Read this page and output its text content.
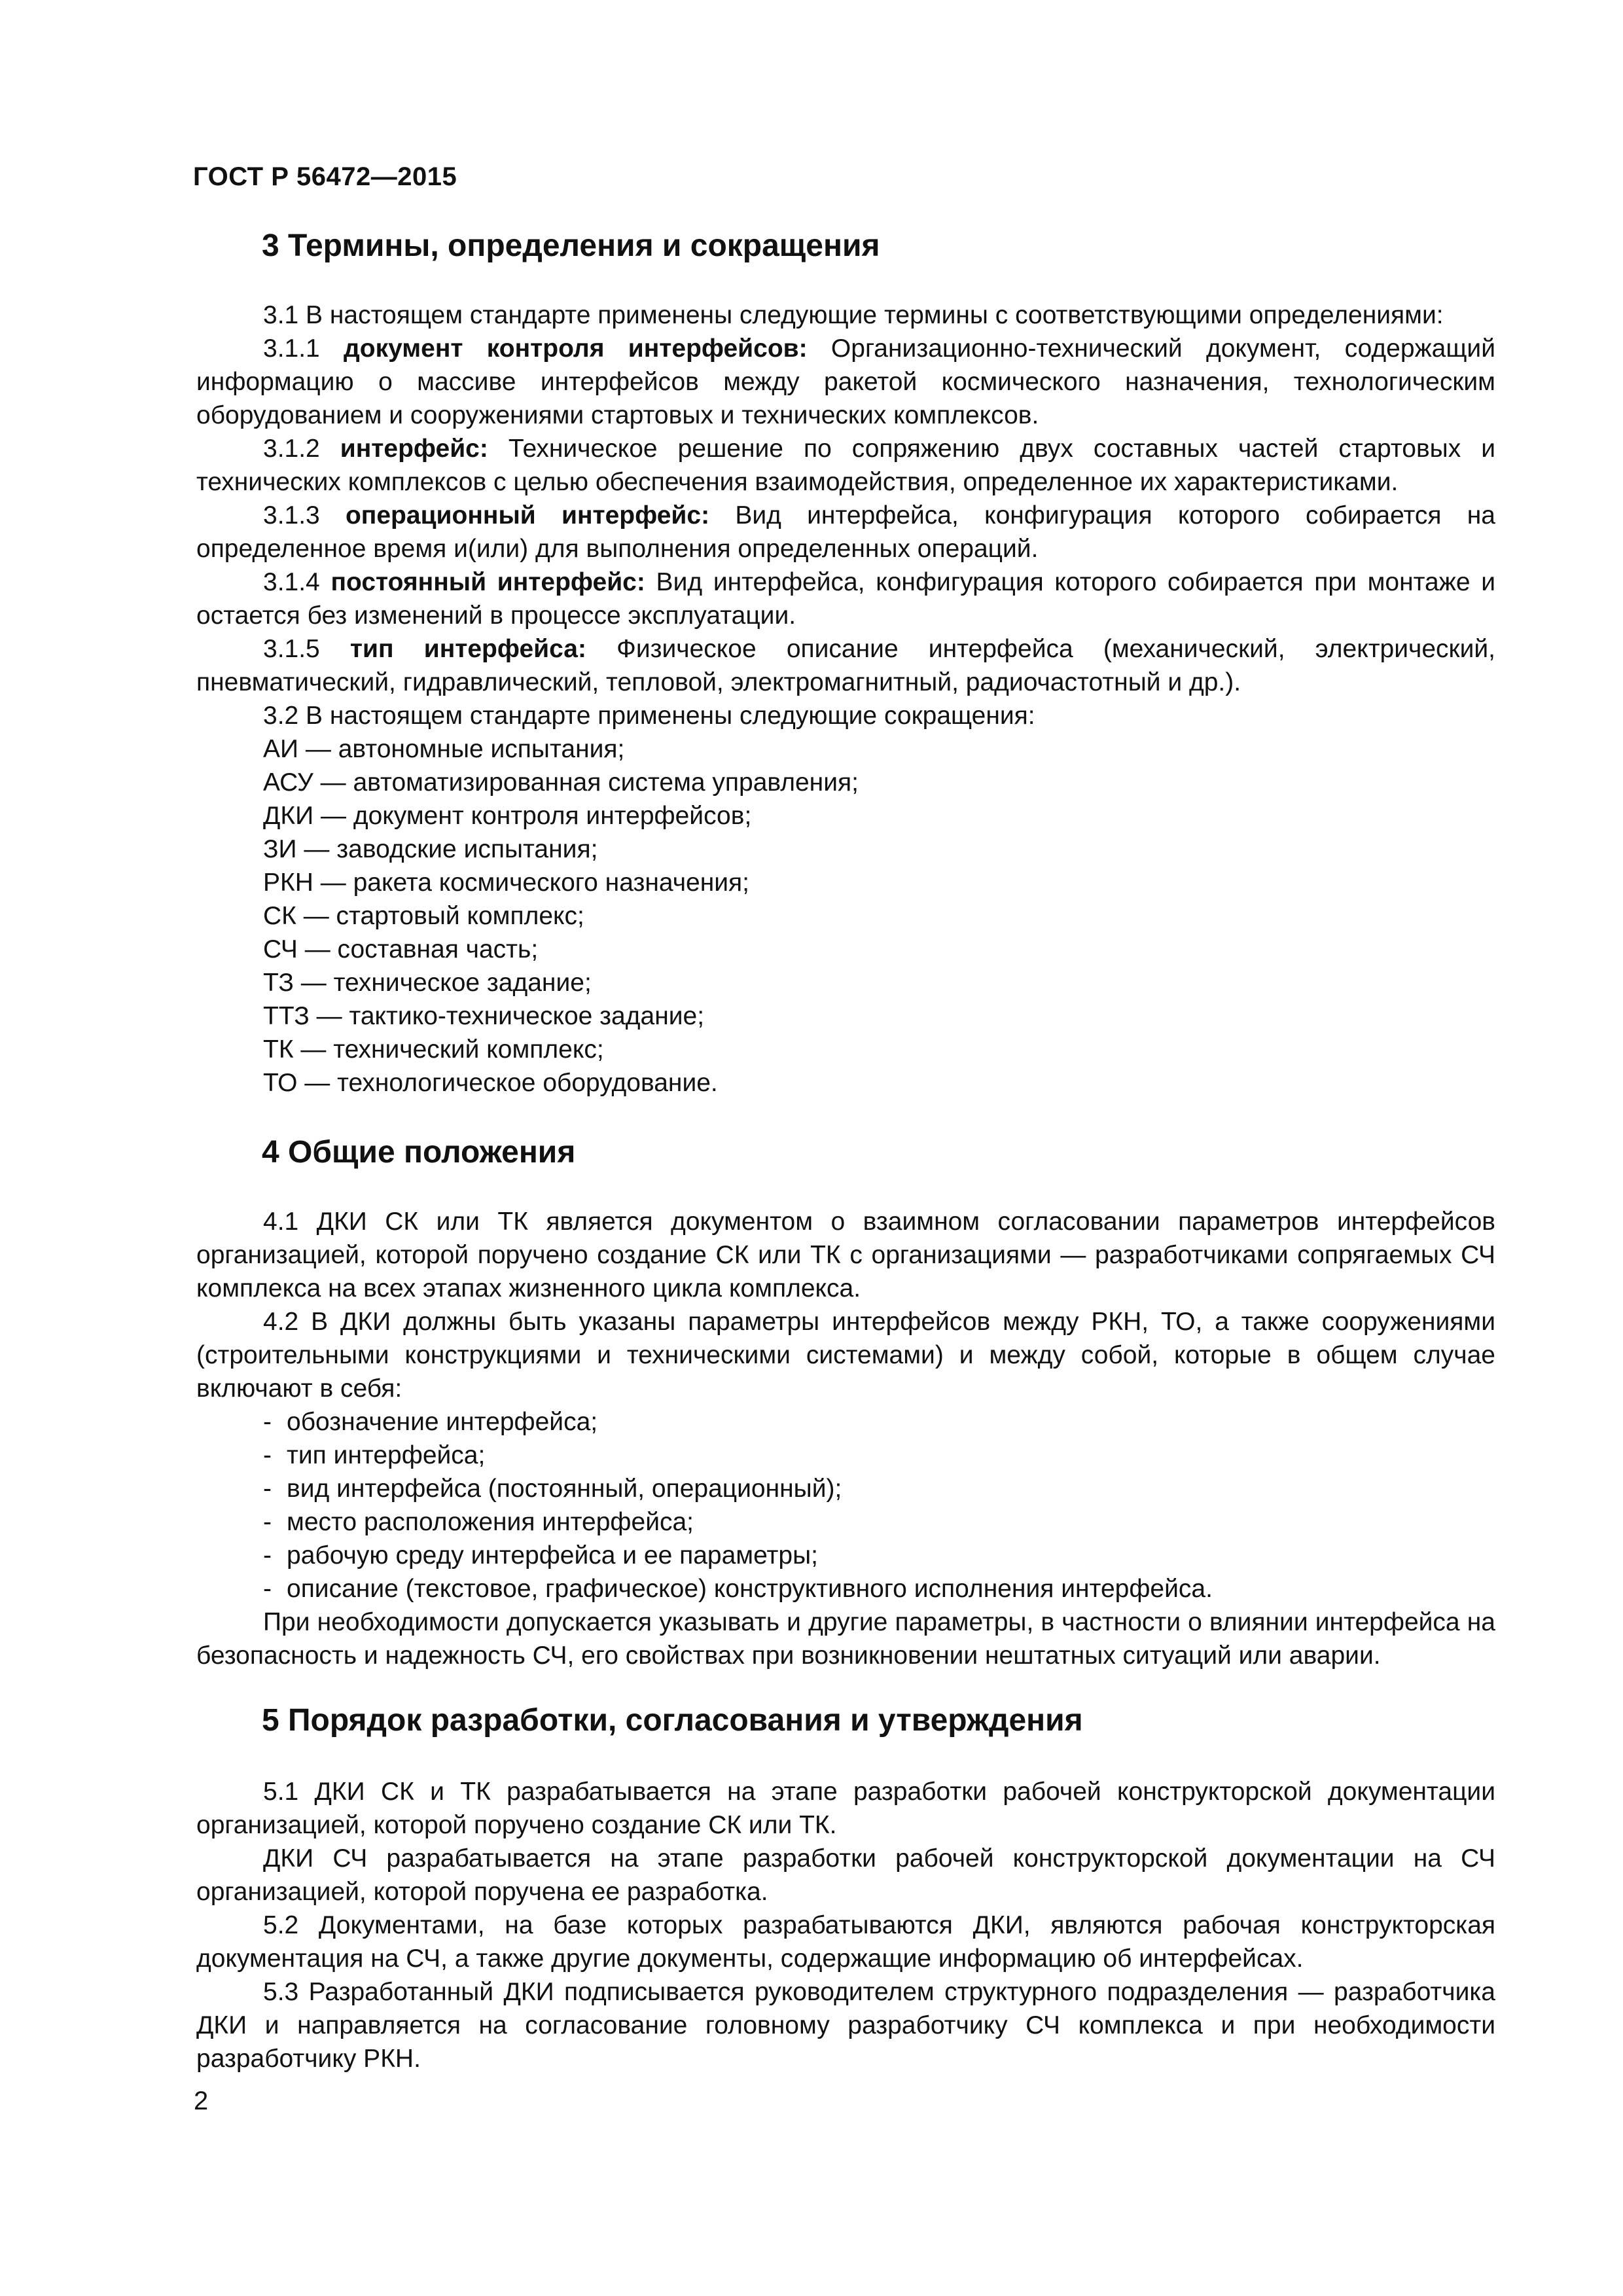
ГОСТ Р 56472—2015
3 Термины, определения и сокращения

3.1 В настоящем стандарте применены следующие термины с соответствующими определениями:

3.1.1 документ контроля интерфейсов: Организационно-технический документ, содержащий информацию о массиве интерфейсов между ракетой космического назначения, технологическим оборудованием и сооружениями стартовых и технических комплексов.

3.1.2 интерфейс: Техническое решение по сопряжению двух составных частей стартовых и технических комплексов с целью обеспечения взаимодействия, определенное их характеристиками.

3.1.3 операционный интерфейс: Вид интерфейса, конфигурация которого собирается на определенное время и(или) для выполнения определенных операций.

3.1.4 постоянный интерфейс: Вид интерфейса, конфигурация которого собирается при монтаже и остается без изменений в процессе эксплуатации.

3.1.5 тип интерфейса: Физическое описание интерфейса (механический, электрический, пневматический, гидравлический, тепловой, электромагнитный, радиочастотный и др.).

3.2 В настоящем стандарте применены следующие сокращения:

АИ — автономные испытания;

АСУ — автоматизированная система управления;

ДКИ — документ контроля интерфейсов;

ЗИ — заводские испытания;

РКН — ракета космического назначения;

СК — стартовый комплекс;

СЧ — составная часть;

ТЗ — техническое задание;

ТТЗ — тактико-техническое задание;

ТК — технический комплекс;

ТО — технологическое оборудование.

4 Общие положения

4.1 ДКИ СК или ТК является документом о взаимном согласовании параметров интерфейсов организацией, которой поручено создание СК или ТК с организациями — разработчиками сопрягаемых СЧ комплекса на всех этапах жизненного цикла комплекса.

4.2 В ДКИ должны быть указаны параметры интерфейсов между РКН, ТО, а также сооружениями (строительными конструкциями и техническими системами) и между собой, которые в общем случае включают в себя:

- обозначение интерфейса;

- тип интерфейса;

- вид интерфейса (постоянный, операционный);

- место расположения интерфейса;

- рабочую среду интерфейса и ее параметры;

- описание (текстовое, графическое) конструктивного исполнения интерфейса.

При необходимости допускается указывать и другие параметры, в частности о влиянии интерфейса на безопасность и надежность СЧ, его свойствах при возникновении нештатных ситуаций или аварии.

5 Порядок разработки, согласования и утверждения

5.1 ДКИ СК и ТК разрабатывается на этапе разработки рабочей конструкторской документации организацией, которой поручено создание СК или ТК.

ДКИ СЧ разрабатывается на этапе разработки рабочей конструкторской документации на СЧ организацией, которой поручена ее разработка.

5.2 Документами, на базе которых разрабатываются ДКИ, являются рабочая конструкторская документация на СЧ, а также другие документы, содержащие информацию об интерфейсах.

5.3 Разработанный ДКИ подписывается руководителем структурного подразделения — разработчика ДКИ и направляется на согласование головному разработчику СЧ комплекса и при необходимости разработчику РКН.

2
